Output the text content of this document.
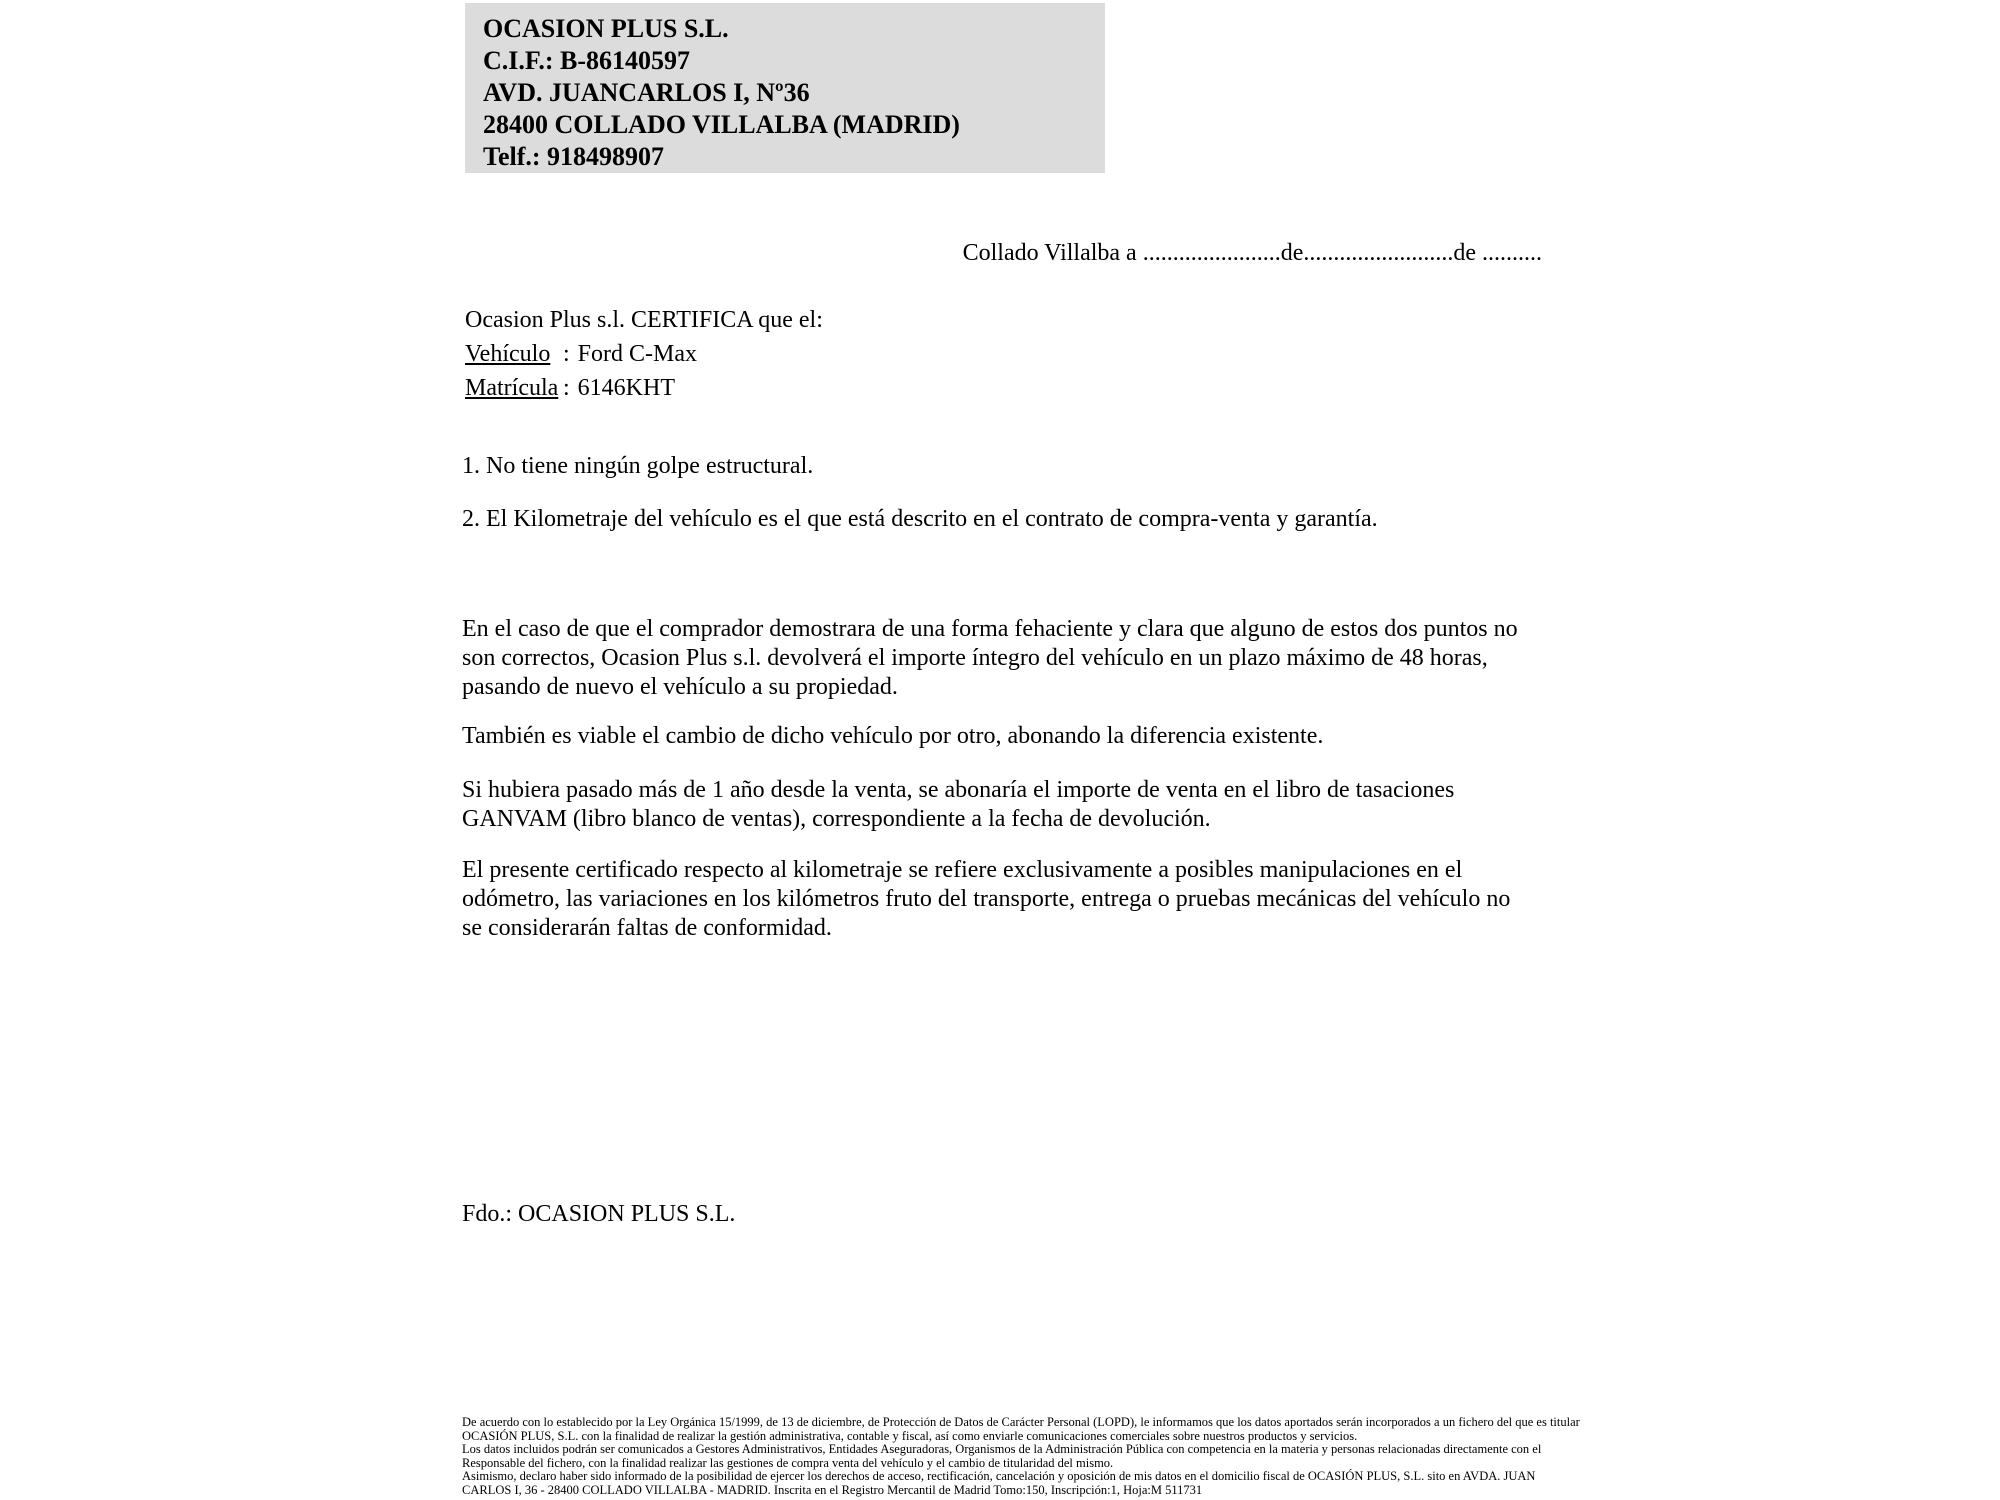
OCASION PLUS S.L.
C.I.F.: B-86140597
AVD. JUANCARLOS I, Nº36
28400 COLLADO VILLALBA (MADRID)
Telf.: 918498907
Collado Villalba a .......................de.........................de ..........
Ocasion Plus s.l. CERTIFICA que el:
Vehículo : Ford C-Max
Matrícula : 6146KHT
1. No tiene ningún golpe estructural.
2. El Kilometraje del vehículo es el que está descrito en el contrato de compra-venta y garantía.
En el caso de que el comprador demostrara de una forma fehaciente y clara que alguno de estos dos puntos no
son correctos, Ocasion Plus s.l. devolverá el importe íntegro del vehículo en un plazo máximo de 48 horas,
pasando de nuevo el vehículo a su propiedad.
También es viable el cambio de dicho vehículo por otro, abonando la diferencia existente.
Si hubiera pasado más de 1 año desde la venta, se abonaría el importe de venta en el libro de tasaciones
GANVAM (libro blanco de ventas), correspondiente a la fecha de devolución.
El presente certificado respecto al kilometraje se refiere exclusivamente a posibles manipulaciones en el
odómetro, las variaciones en los kilómetros fruto del transporte, entrega o pruebas mecánicas del vehículo no
se considerarán faltas de conformidad.
Fdo.: OCASION PLUS S.L.
De acuerdo con lo establecido por la Ley Orgánica 15/1999, de 13 de diciembre, de Protección de Datos de Carácter Personal (LOPD), le informamos que los datos aportados serán incorporados a un fichero del que es titular
OCASIÓN PLUS, S.L. con la finalidad de realizar la gestión administrativa, contable y fiscal, así como enviarle comunicaciones comerciales sobre nuestros productos y servicios.
Los datos incluidos podrán ser comunicados a Gestores Administrativos, Entidades Aseguradoras, Organismos de la Administración Pública con competencia en la materia y personas relacionadas directamente con el
Responsable del fichero, con la finalidad realizar las gestiones de compra venta del vehículo y el cambio de titularidad del mismo.
Asimismo, declaro haber sido informado de la posibilidad de ejercer los derechos de acceso, rectificación, cancelación y oposición de mis datos en el domicilio fiscal de OCASIÓN PLUS, S.L. sito en AVDA. JUAN
CARLOS I, 36 - 28400 COLLADO VILLALBA - MADRID. Inscrita en el Registro Mercantil de Madrid Tomo:150, Inscripción:1, Hoja:M 511731
